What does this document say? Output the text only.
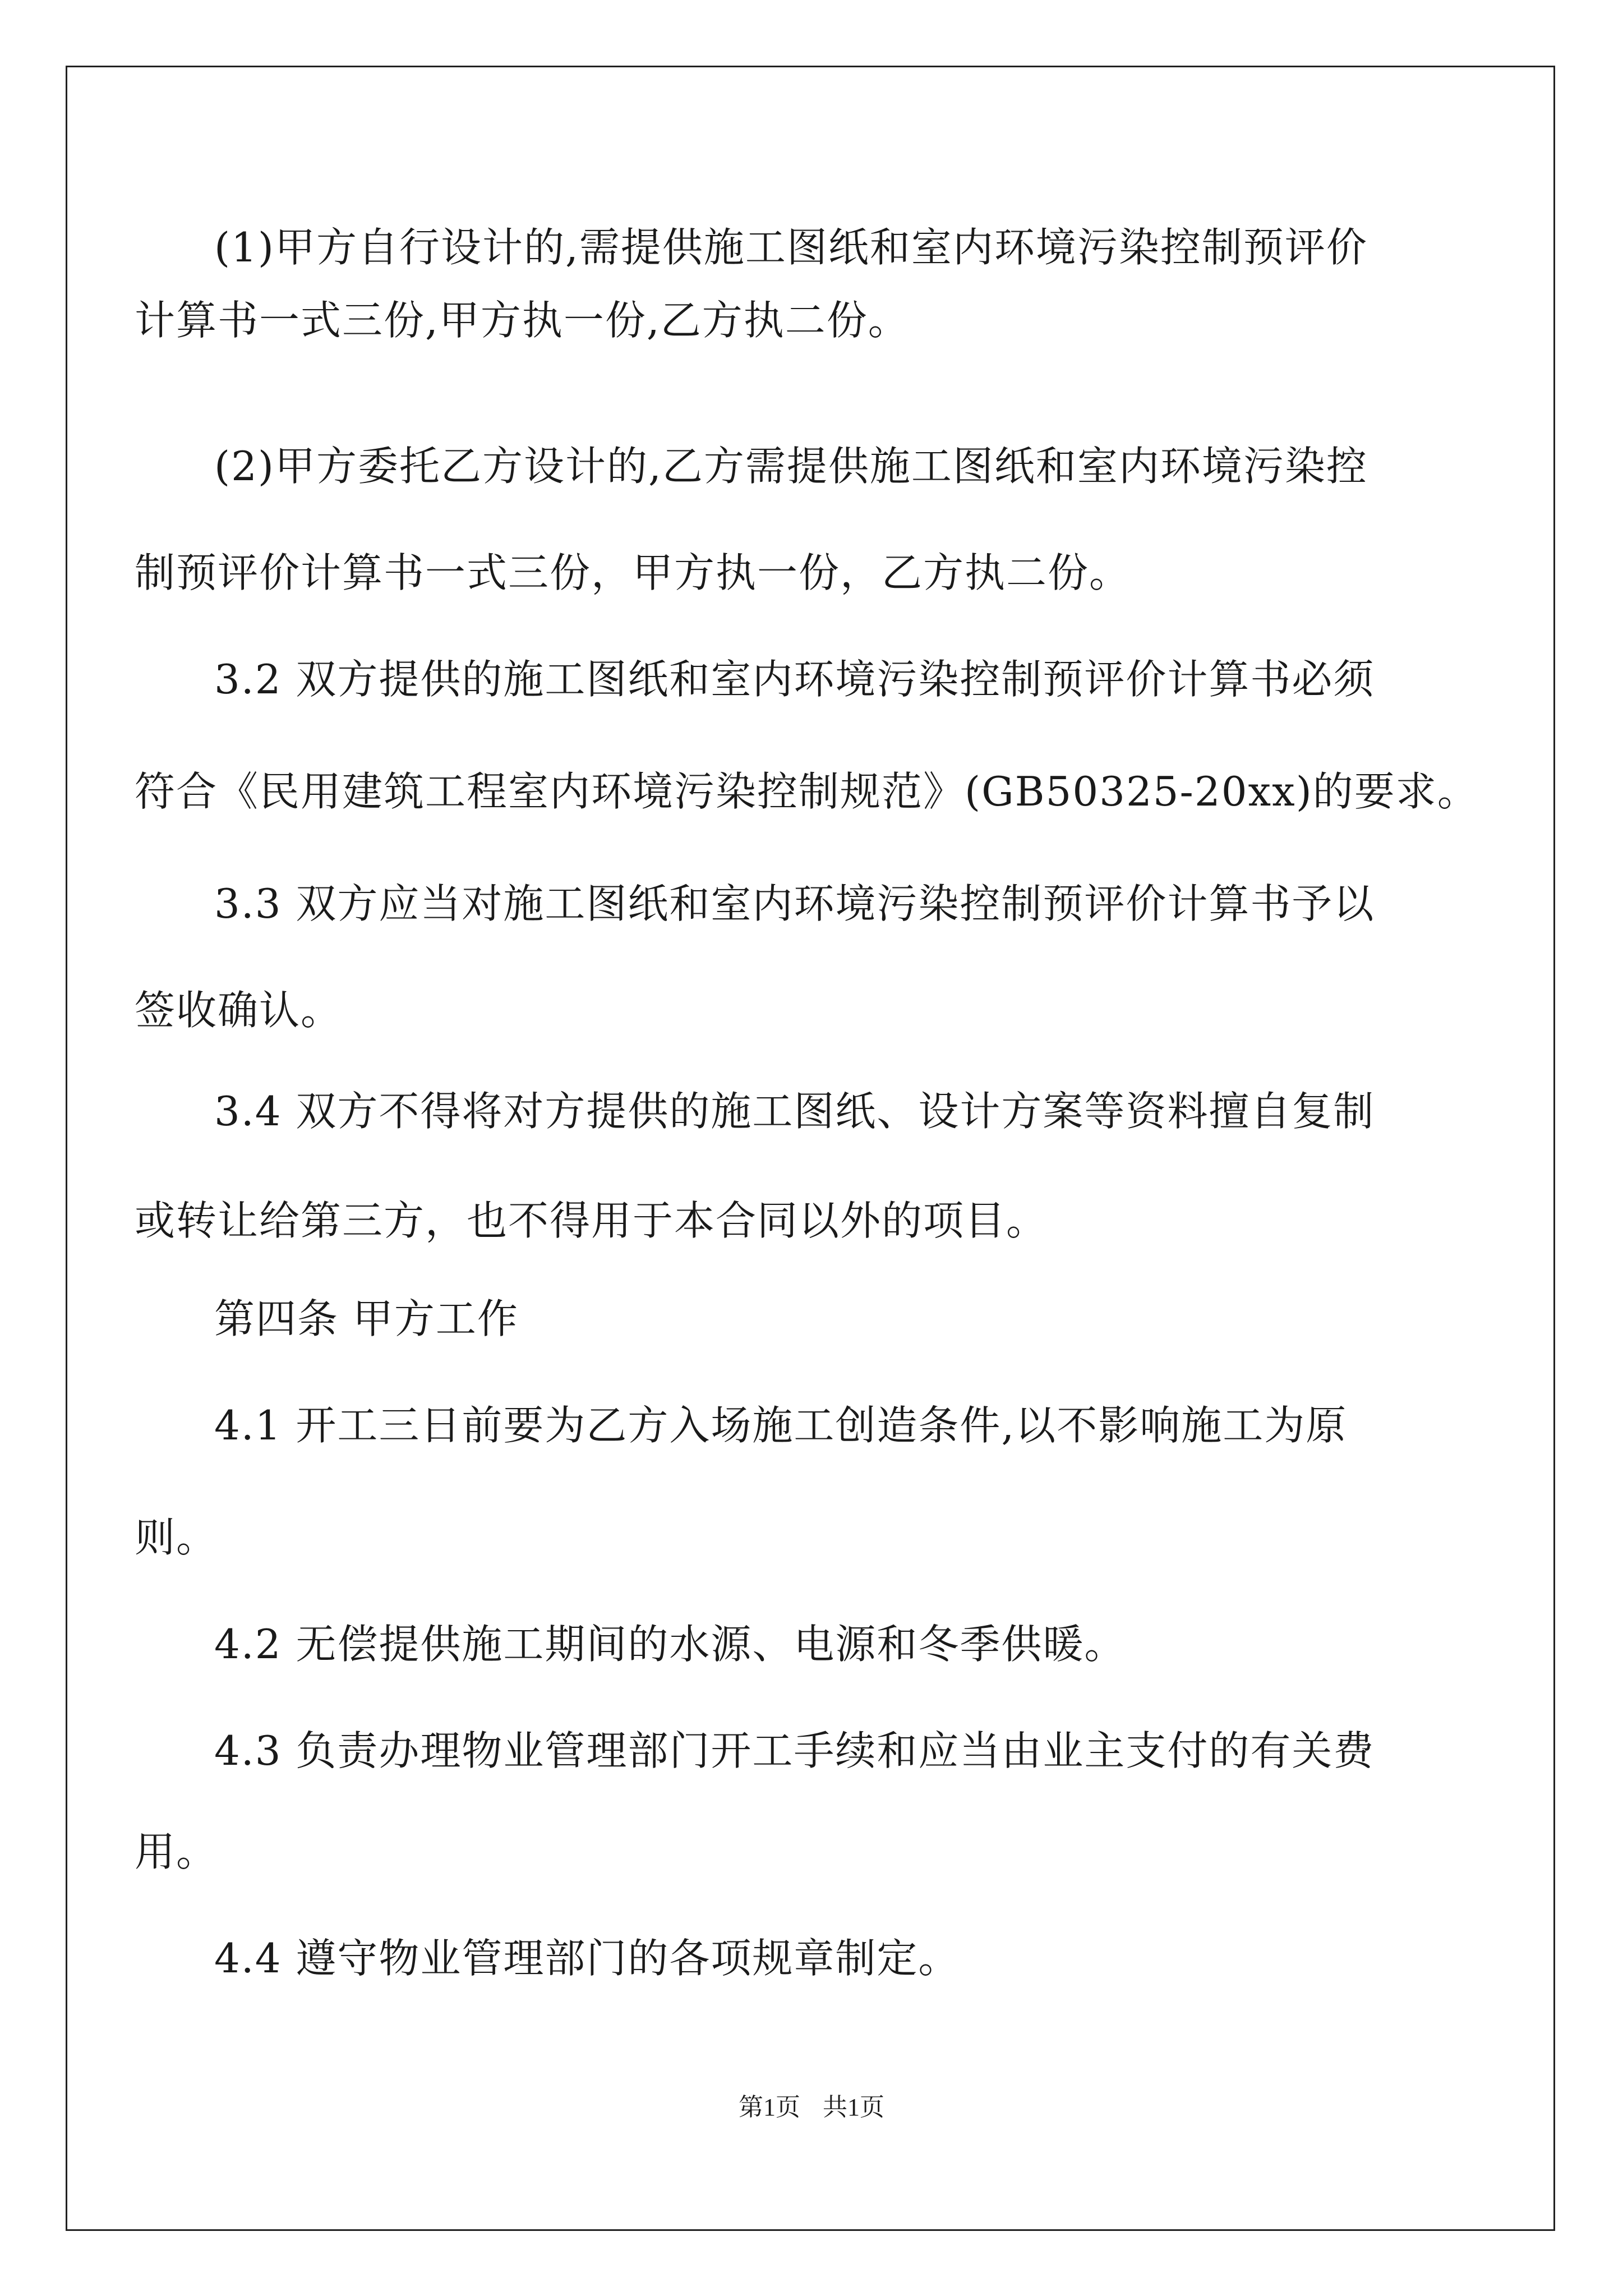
(1)甲方自行设计的,需提供施工图纸和室内环境污染控制预评价
计算书一式三份,甲方执一份,乙方执二份。
(2)甲方委托乙方设计的,乙方需提供施工图纸和室内环境污染控
制预评价计算书一式三份，甲方执一份，乙方执二份。
3.2 双方提供的施工图纸和室内环境污染控制预评价计算书必须
符合《民用建筑工程室内环境污染控制规范》(GB50325-20xx)的要求。
3.3 双方应当对施工图纸和室内环境污染控制预评价计算书予以
签收确认。
3.4 双方不得将对方提供的施工图纸、设计方案等资料擅自复制
或转让给第三方，也不得用于本合同以外的项目。
第四条 甲方工作
4.1 开工三日前要为乙方入场施工创造条件,以不影响施工为原
则。
4.2 无偿提供施工期间的水源、电源和冬季供暖。
4.3 负责办理物业管理部门开工手续和应当由业主支付的有关费
用。
4.4 遵守物业管理部门的各项规章制定。
第1页 共1页
